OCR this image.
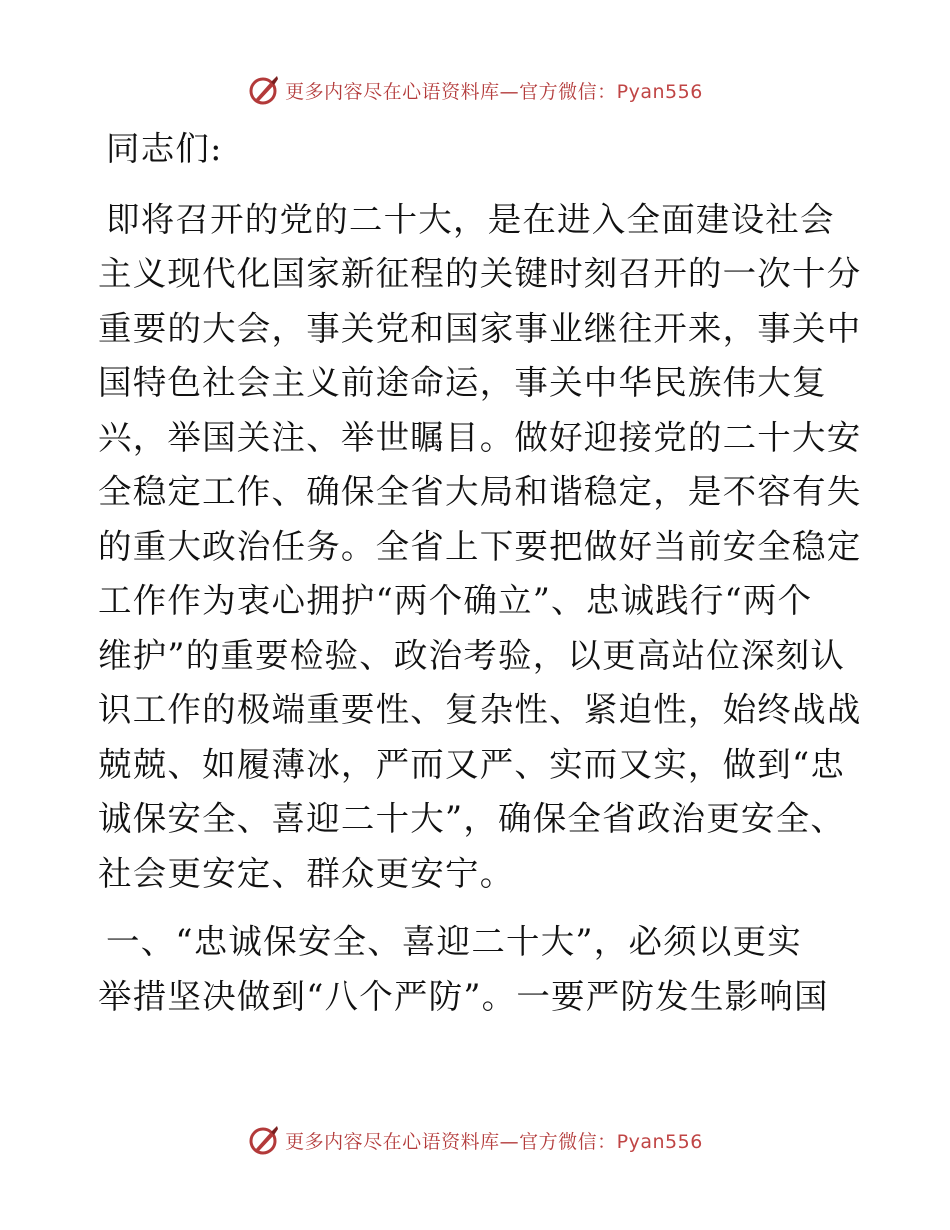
更多内容尽在心语资料库—官方微信：Pyan556

同志们:

即将召开的党的二十大，是在进入全面建设社会
主义现代化国家新征程的关键时刻召开的一次十分
重要的大会，事关党和国家事业继往开来，事关中
国特色社会主义前途命运，事关中华民族伟大复
兴，举国关注、举世瞩目。做好迎接党的二十大安
全稳定工作、确保全省大局和谐稳定，是不容有失
的重大政治任务。全省上下要把做好当前安全稳定
工作作为衷心拥护“两个确立”、忠诚践行“两个
维护”的重要检验、政治考验，以更高站位深刻认
识工作的极端重要性、复杂性、紧迫性，始终战战
兢兢、如履薄冰，严而又严、实而又实，做到“忠
诚保安全、喜迎二十大”，确保全省政治更安全、
社会更安定、群众更安宁。

一、“忠诚保安全、喜迎二十大”，必须以更实
举措坚决做到“八个严防”。一要严防发生影响国

更多内容尽在心语资料库—官方微信：Pyan556
